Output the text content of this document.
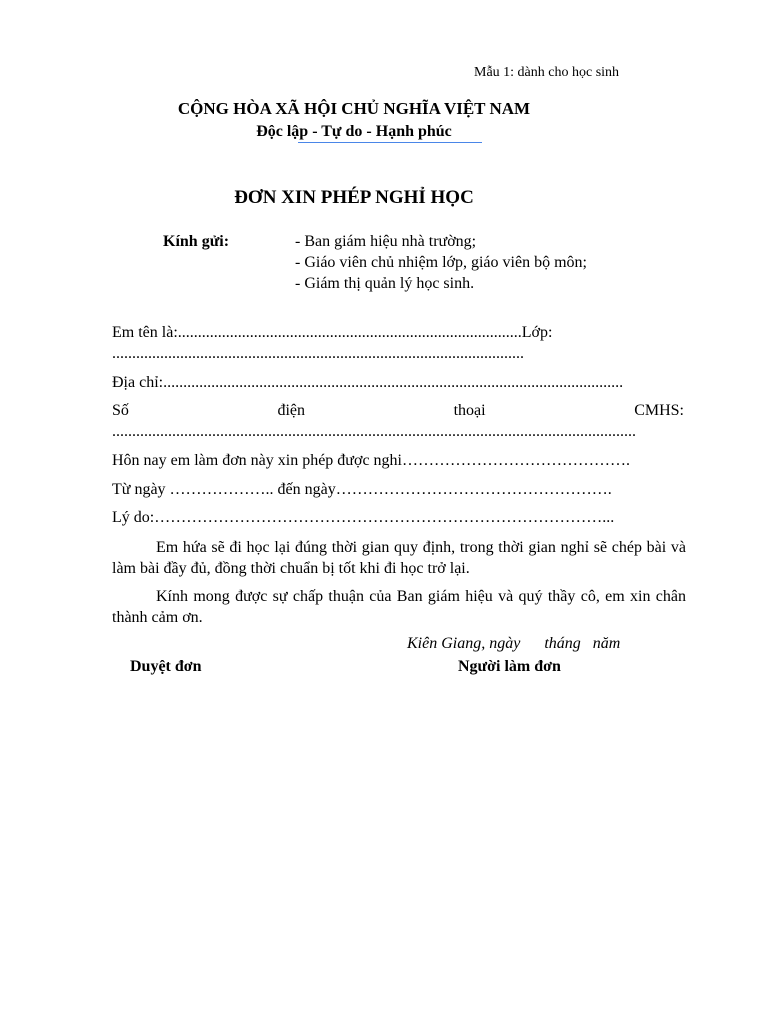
Mẫu 1: dành cho học sinh
CỘNG HÒA XÃ HỘI CHỦ NGHĨA VIỆT NAM
Độc lập - Tự do - Hạnh phúc
ĐƠN XIN PHÉP NGHỈ HỌC
Kính gửi:	- Ban giám hiệu nhà trường;
- Giáo viên chủ nhiệm lớp, giáo viên bộ môn;
- Giám thị quản lý học sinh.
Em tên là:......................................................................................Lớp:
.......................................................................................................
Địa chỉ:...................................................................................................................
Số	điện	thoại	CMHS:
...................................................................................................................................
Hôn nay em làm đơn này xin phép được nghi…………………………………….
Từ ngày ……………….. đến ngày…………………………………………….
Lý do:…………………………………………………………………………...
Em hứa sẽ đi học lại đúng thời gian quy định, trong thời gian nghỉ sẽ chép bài và làm bài đầy đủ, đồng thời chuẩn bị tốt khi đi học trở lại.
Kính mong được sự chấp thuận của Ban giám hiệu và quý thầy cô, em xin chân thành cảm ơn.
Kiên Giang, ngày      tháng   năm
Duyệt đơn	Người làm đơn
